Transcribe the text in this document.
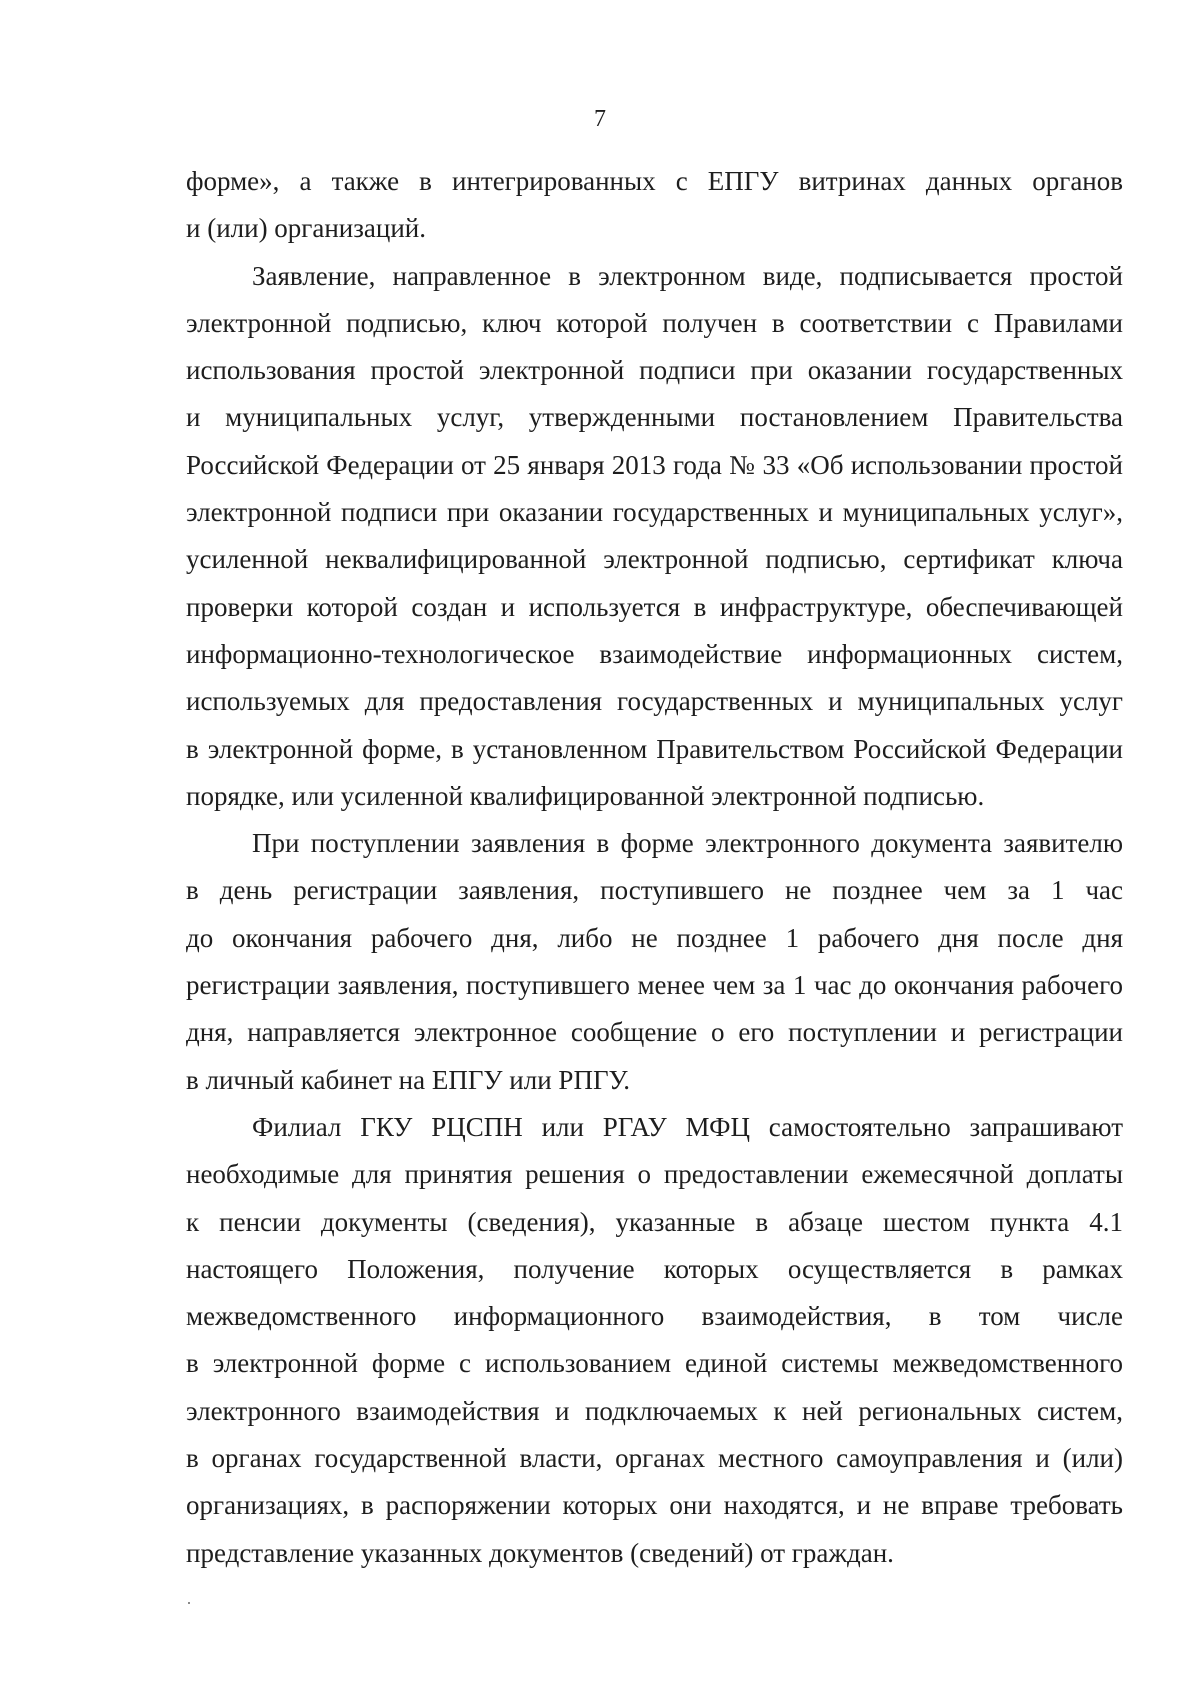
7

форме», а также в интегрированных с ЕПГУ витринах данных органов
и (или) организаций.

Заявление, направленное в электронном виде, подписывается простой
электронной подписью, ключ которой получен в соответствии с Правилами
использования простой электронной подписи при оказании государственных
и муниципальных услуг, утвержденными постановлением Правительства
Российской Федерации от 25 января 2013 года № 33 «Об использовании простой
электронной подписи при оказании государственных и муниципальных услуг»,
усиленной неквалифицированной электронной подписью, сертификат ключа
проверки которой создан и используется в инфраструктуре, обеспечивающей
информационно-технологическое взаимодействие информационных систем,
используемых для предоставления государственных и муниципальных услуг
в электронной форме, в установленном Правительством Российской Федерации
порядке, или усиленной квалифицированной электронной подписью.

При поступлении заявления в форме электронного документа заявителю
в день регистрации заявления, поступившего не позднее чем за 1 час
до окончания рабочего дня, либо не позднее 1 рабочего дня после дня
регистрации заявления, поступившего менее чем за 1 час до окончания рабочего
дня, направляется электронное сообщение о его поступлении и регистрации
в личный кабинет на ЕПГУ или РПГУ.

Филиал ГКУ РЦСПН или РГАУ МФЦ самостоятельно запрашивают
необходимые для принятия решения о предоставлении ежемесячной доплаты
к пенсии документы (сведения), указанные в абзаце шестом пункта 4.1
настоящего Положения, получение которых осуществляется в рамках
межведомственного информационного взаимодействия, в том числе
в электронной форме с использованием единой системы межведомственного
электронного взаимодействия и подключаемых к ней региональных систем,
в органах государственной власти, органах местного самоуправления и (или)
организациях, в распоряжении которых они находятся, и не вправе требовать
представление указанных документов (сведений) от граждан.
